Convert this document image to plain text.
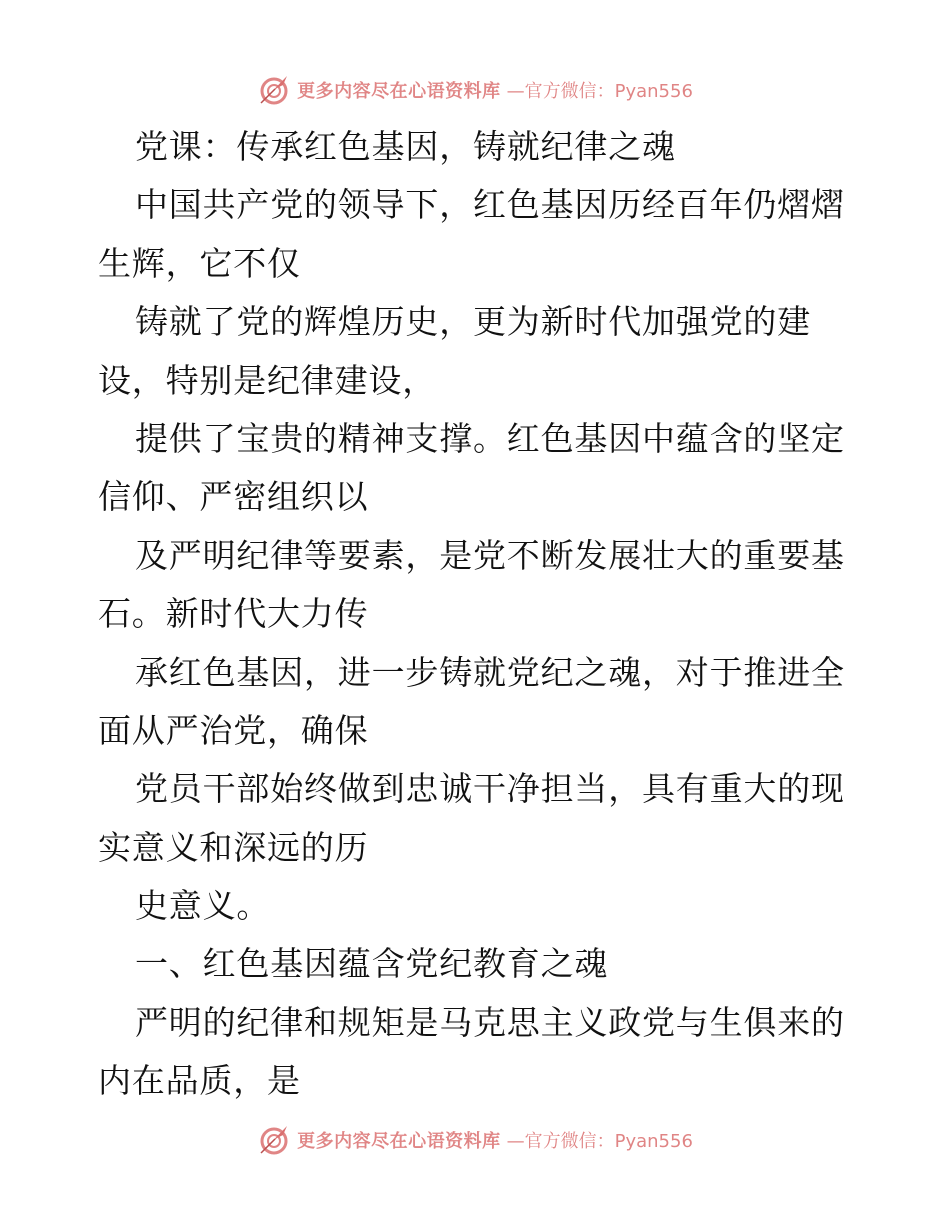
更多内容尽在心语资料库 —官方微信：Pyan556
党课：传承红色基因，铸就纪律之魂
中国共产党的领导下，红色基因历经百年仍熠熠
生辉，它不仅
铸就了党的辉煌历史，更为新时代加强党的建
设，特别是纪律建设，
提供了宝贵的精神支撑。红色基因中蕴含的坚定
信仰、严密组织以
及严明纪律等要素，是党不断发展壮大的重要基
石。新时代大力传
承红色基因，进一步铸就党纪之魂，对于推进全
面从严治党，确保
党员干部始终做到忠诚干净担当，具有重大的现
实意义和深远的历
史意义。
一、红色基因蕴含党纪教育之魂
严明的纪律和规矩是马克思主义政党与生俱来的
内在品质，是
更多内容尽在心语资料库 —官方微信：Pyan556
